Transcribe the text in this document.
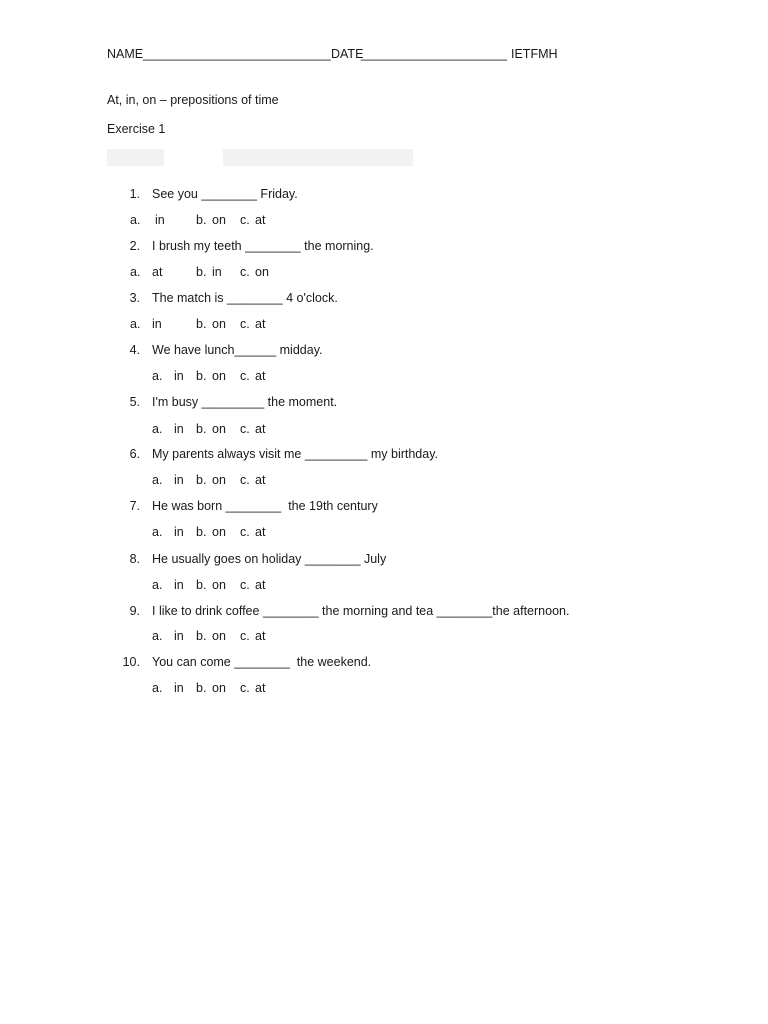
NAME ___________________________ DATE
_____________________ IETFMH
At, in, on – prepositions of time
Exercise 1
1. See you ________ Friday.
a. in	b. on c. at
2. I brush my teeth ________ the morning.
a. at	b. in c. on
3. The match is ________ 4 o'clock.
a. in	b. on c. at
4. We have lunch______ midday.
a. in b. on c. at
5. I'm busy _________ the moment.
a. in b. on c. at
6. My parents always visit me _________ my birthday.
a. in b. on c. at
7. He was born ________  the 19th century
a. in b. on c. at
8. He usually goes on holiday ________ July
a. in b. on c. at
9. I like to drink coffee ________ the morning and tea ________the afternoon.
a. in b. on c. at
10. You can come ________  the weekend.
a. in b. on c. at
